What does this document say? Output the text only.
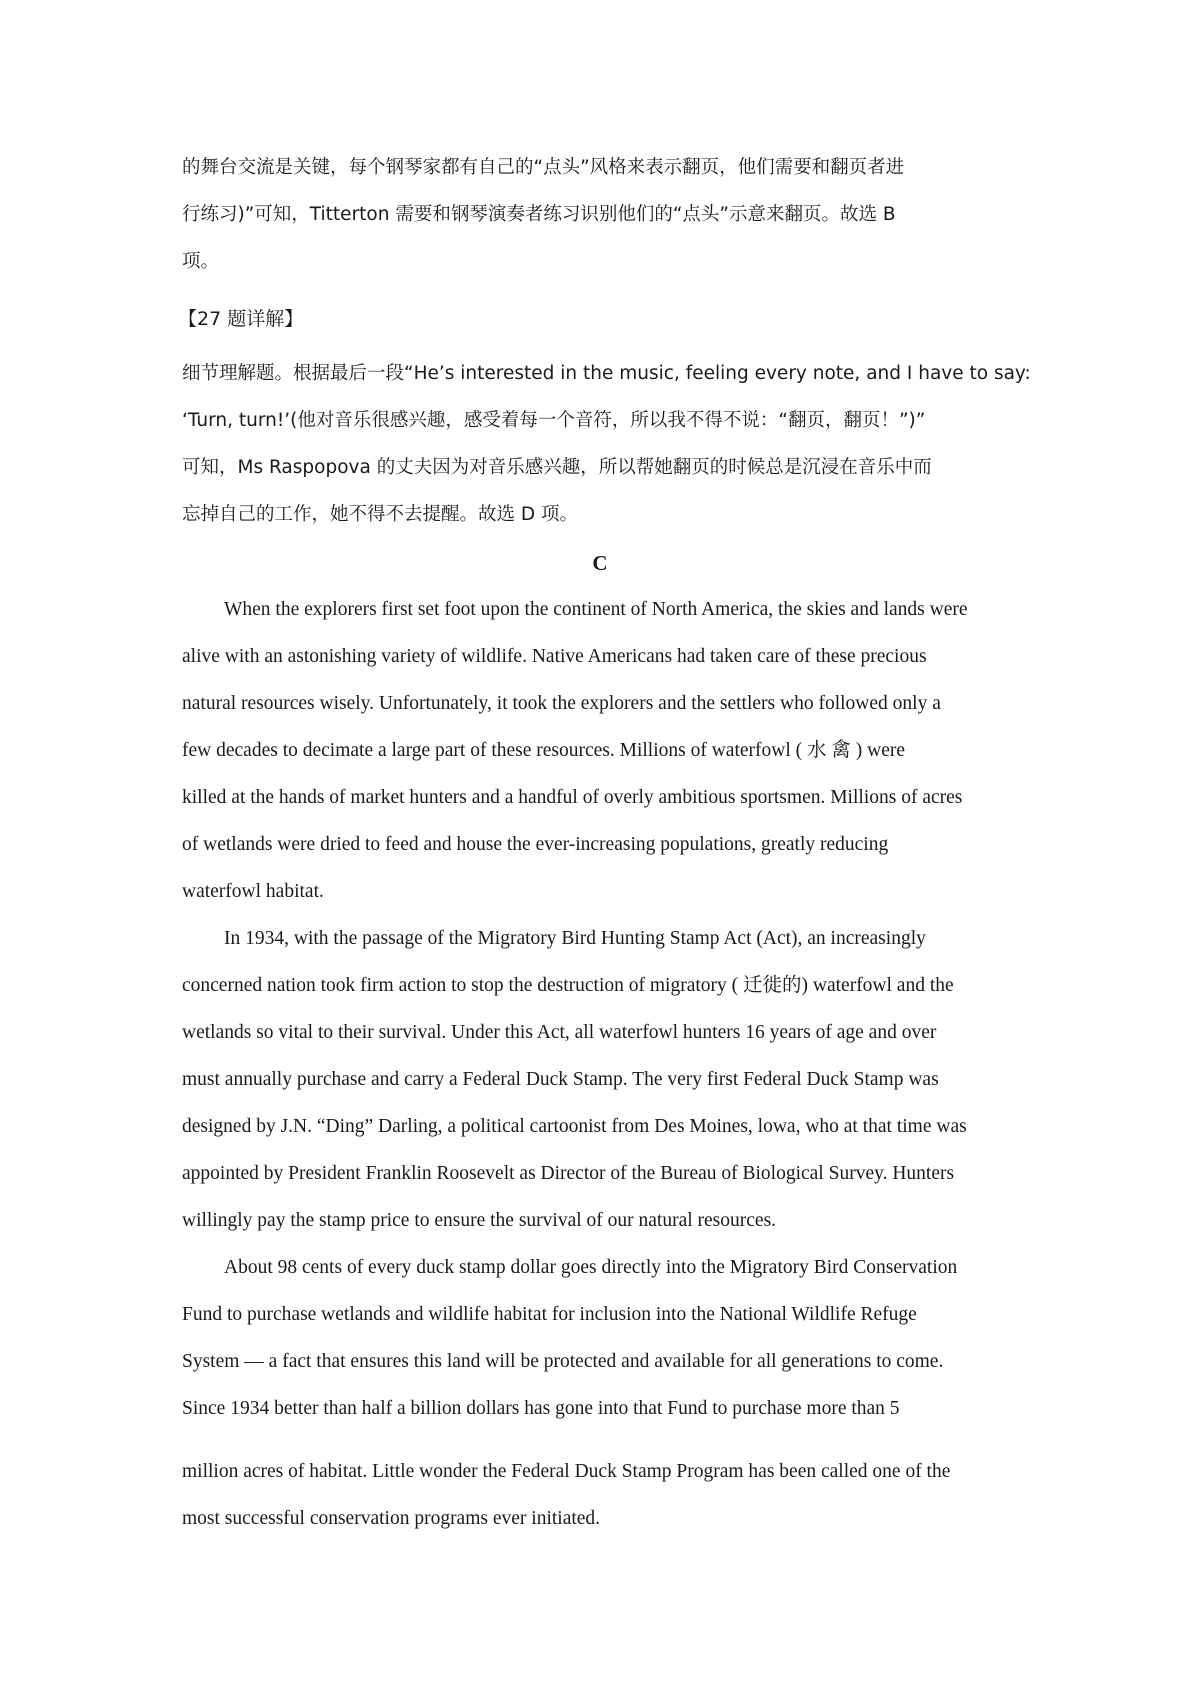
的舞台交流是关键，每个钢琴家都有自己的“点头”风格来表示翻页，他们需要和翻页者进
行练习)”可知，Titterton 需要和钢琴演奏者练习识别他们的“点头”示意来翻页。故选 B
项。
【27 题详解】
细节理解题。根据最后一段“He’s interested in the music, feeling every note, and I have to say:
‘Turn, turn!’(他对音乐很感兴趣，感受着每一个音符，所以我不得不说：“翻页，翻页！”)”
可知，Ms Raspopova 的丈夫因为对音乐感兴趣，所以帮她翻页的时候总是沉浸在音乐中而
忘掉自己的工作，她不得不去提醒。故选 D 项。
C
When the explorers first set foot upon the continent of North America, the skies and lands were
alive with an astonishing variety of wildlife. Native Americans had taken care of these precious
natural resources wisely. Unfortunately, it took the explorers and the settlers who followed only a
few decades to decimate a large part of these resources. Millions of waterfowl ( 水 禽 ) were
killed at the hands of market hunters and a handful of overly ambitious sportsmen. Millions of acres
of wetlands were dried to feed and house the ever-increasing populations, greatly reducing
waterfowl habitat.
In 1934, with the passage of the Migratory Bird Hunting Stamp Act (Act), an increasingly
concerned nation took firm action to stop the destruction of migratory ( 迁徙的) waterfowl and the
wetlands so vital to their survival. Under this Act, all waterfowl hunters 16 years of age and over
must annually purchase and carry a Federal Duck Stamp. The very first Federal Duck Stamp was
designed by J.N. “Ding” Darling, a political cartoonist from Des Moines, lowa, who at that time was
appointed by President Franklin Roosevelt as Director of the Bureau of Biological Survey. Hunters
willingly pay the stamp price to ensure the survival of our natural resources.
About 98 cents of every duck stamp dollar goes directly into the Migratory Bird Conservation
Fund to purchase wetlands and wildlife habitat for inclusion into the National Wildlife Refuge
System — a fact that ensures this land will be protected and available for all generations to come.
Since 1934 better than half a billion dollars has gone into that Fund to purchase more than 5
million acres of habitat. Little wonder the Federal Duck Stamp Program has been called one of the
most successful conservation programs ever initiated.
